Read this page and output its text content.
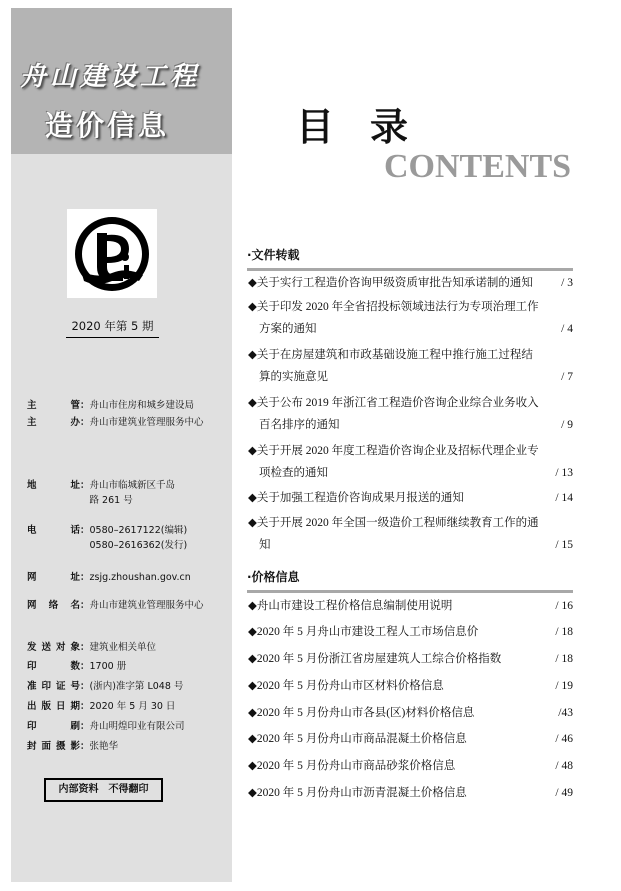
舟山建设工程
造价信息
2020 年第 5 期
主管：舟山市住房和城乡建设局
主办：舟山市建筑业管理服务中心
地址：舟山市临城新区千岛
路 261 号
电话：0580–2617122(编辑)
0580–2616362(发行)
网址：zsjg.zhoushan.gov.cn
网络名：舟山市建筑业管理服务中心
发送对象：建筑业相关单位
印数：1700 册
准印证号：(浙内)准字第 L048 号
出版日期：2020 年 5 月 30 日
印刷：舟山明煌印业有限公司
封面摄影：张艳华
内部资料　不得翻印
目录
CONTENTS
·文件转载
◆关于实行工程造价咨询甲级资质审批告知承诺制的通知	/ 3
◆关于印发 2020 年全省招投标领域违法行为专项治理工作方案的通知	/ 4
◆关于在房屋建筑和市政基础设施工程中推行施工过程结算的实施意见	/ 7
◆关于公布 2019 年浙江省工程造价咨询企业综合业务收入百名排序的通知	/ 9
◆关于开展 2020 年度工程造价咨询企业及招标代理企业专项检查的通知	/ 13
◆关于加强工程造价咨询成果月报送的通知	/ 14
◆关于开展 2020 年全国一级造价工程师继续教育工作的通知	/ 15
·价格信息
◆舟山市建设工程价格信息编制使用说明	/ 16
◆2020 年 5 月舟山市建设工程人工市场信息价	/ 18
◆2020 年 5 月份浙江省房屋建筑人工综合价格指数	/ 18
◆2020 年 5 月份舟山市区材料价格信息	/ 19
◆2020 年 5 月份舟山市各县(区)材料价格信息	/43
◆2020 年 5 月份舟山市商品混凝土价格信息	/ 46
◆2020 年 5 月份舟山市商品砂浆价格信息	/ 48
◆2020 年 5 月份舟山市沥青混凝土价格信息	/ 49
